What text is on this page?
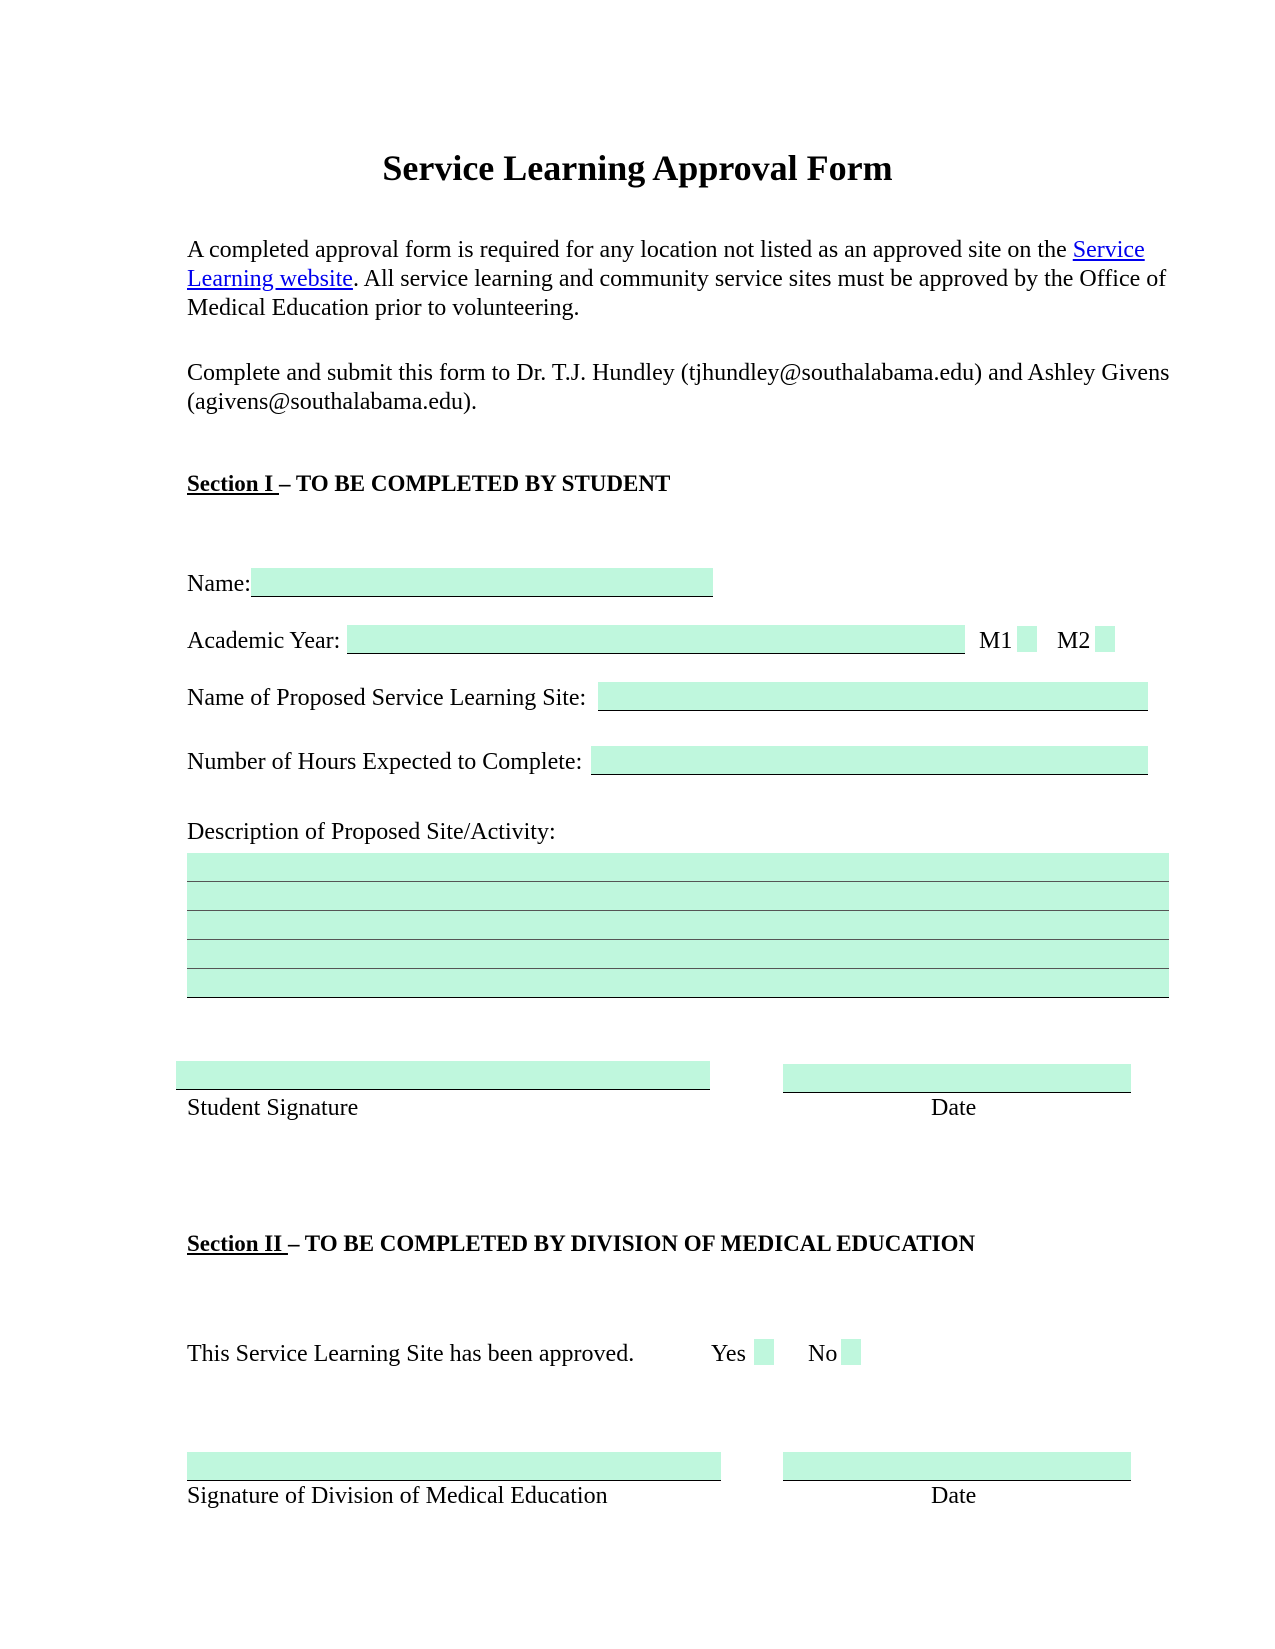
Service Learning Approval Form
A completed approval form is required for any location not listed as an approved site on the Service Learning website. All service learning and community service sites must be approved by the Office of Medical Education prior to volunteering.
Complete and submit this form to Dr. T.J. Hundley (tjhundley@southalabama.edu) and Ashley Givens (agivens@southalabama.edu).
Section I – TO BE COMPLETED BY STUDENT
Name:
Academic Year:	M1 M2
Name of Proposed Service Learning Site:
Number of Hours Expected to Complete:
Description of Proposed Site/Activity:
Student Signature	Date
Section II – TO BE COMPLETED BY DIVISION OF MEDICAL EDUCATION
This Service Learning Site has been approved.	Yes	No
Signature of Division of Medical Education	Date
